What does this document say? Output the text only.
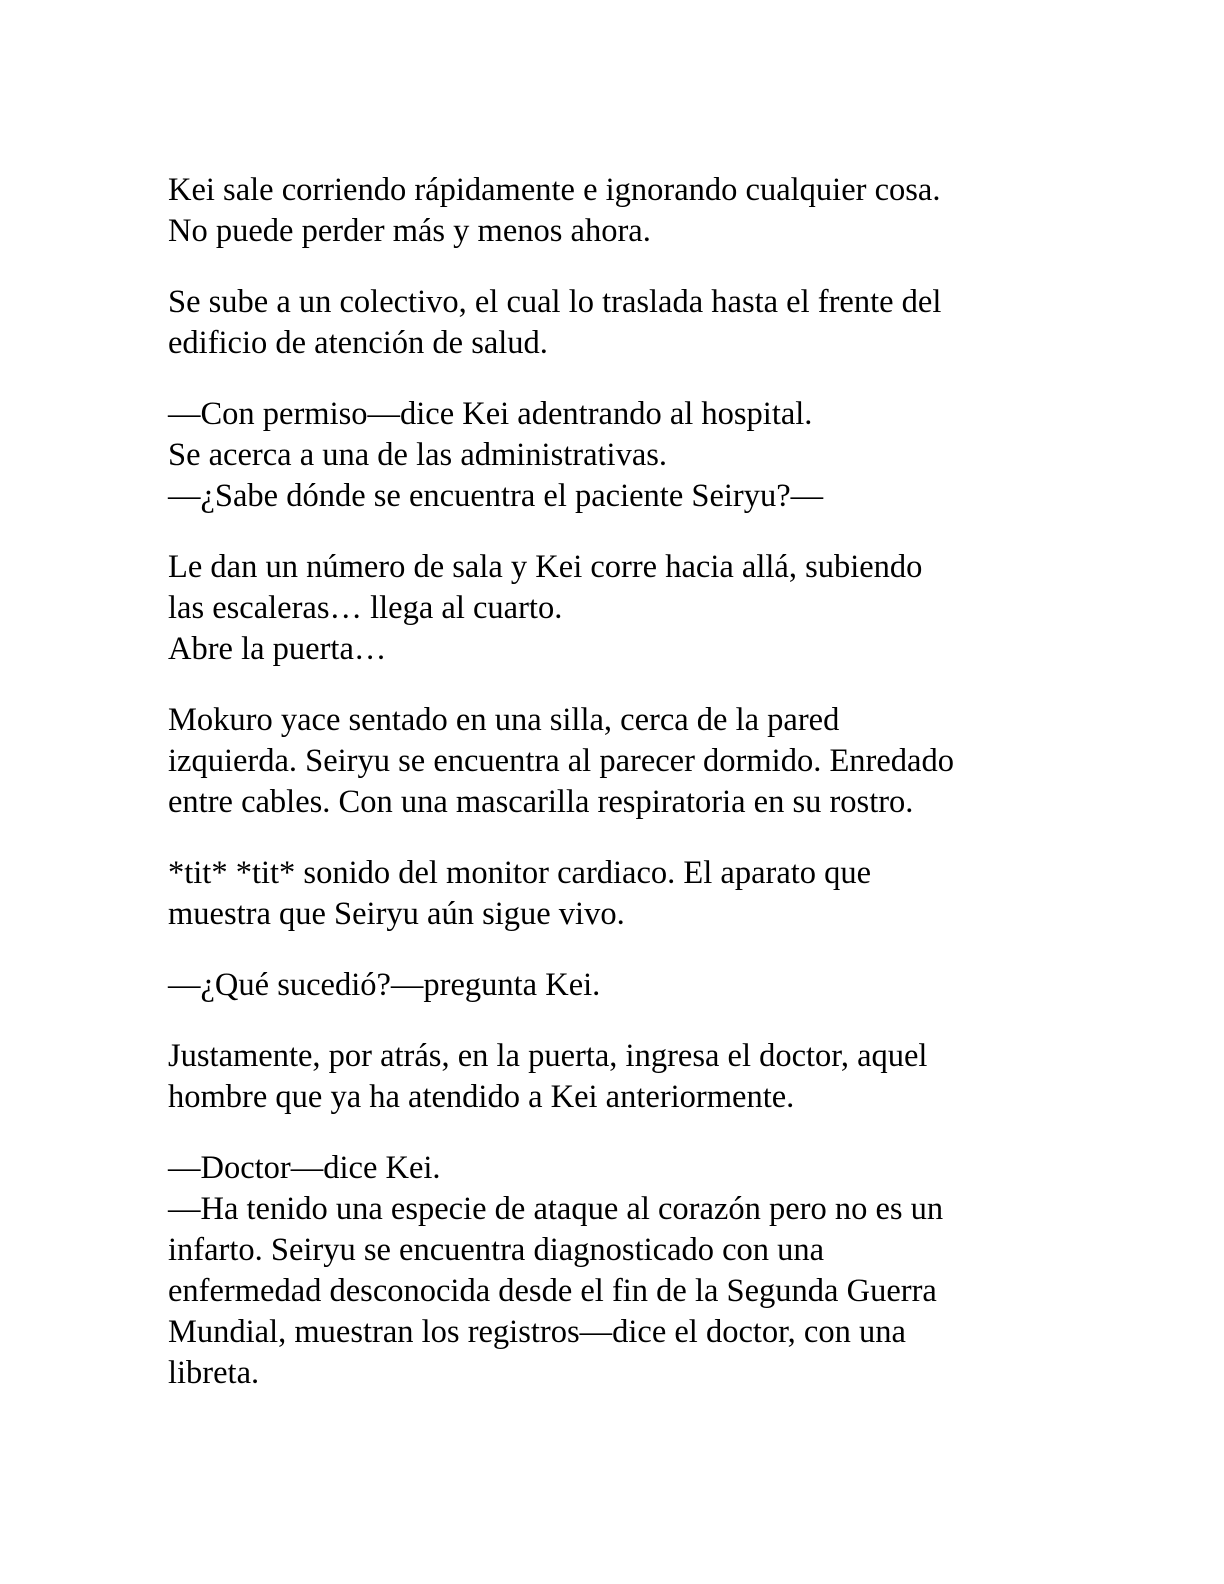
Kei sale corriendo rápidamente e ignorando cualquier cosa.
No puede perder más y menos ahora.

Se sube a un colectivo, el cual lo traslada hasta el frente del
edificio de atención de salud.

—Con permiso—dice Kei adentrando al hospital.
Se acerca a una de las administrativas.
—¿Sabe dónde se encuentra el paciente Seiryu?—

Le dan un número de sala y Kei corre hacia allá, subiendo
las escaleras… llega al cuarto.
Abre la puerta…

Mokuro yace sentado en una silla, cerca de la pared
izquierda. Seiryu se encuentra al parecer dormido. Enredado
entre cables. Con una mascarilla respiratoria en su rostro.

*tit* *tit* sonido del monitor cardiaco. El aparato que
muestra que Seiryu aún sigue vivo.

—¿Qué sucedió?—pregunta Kei.

Justamente, por atrás, en la puerta, ingresa el doctor, aquel
hombre que ya ha atendido a Kei anteriormente.

—Doctor—dice Kei.
—Ha tenido una especie de ataque al corazón pero no es un
infarto. Seiryu se encuentra diagnosticado con una
enfermedad desconocida desde el fin de la Segunda Guerra
Mundial, muestran los registros—dice el doctor, con una
libreta.
